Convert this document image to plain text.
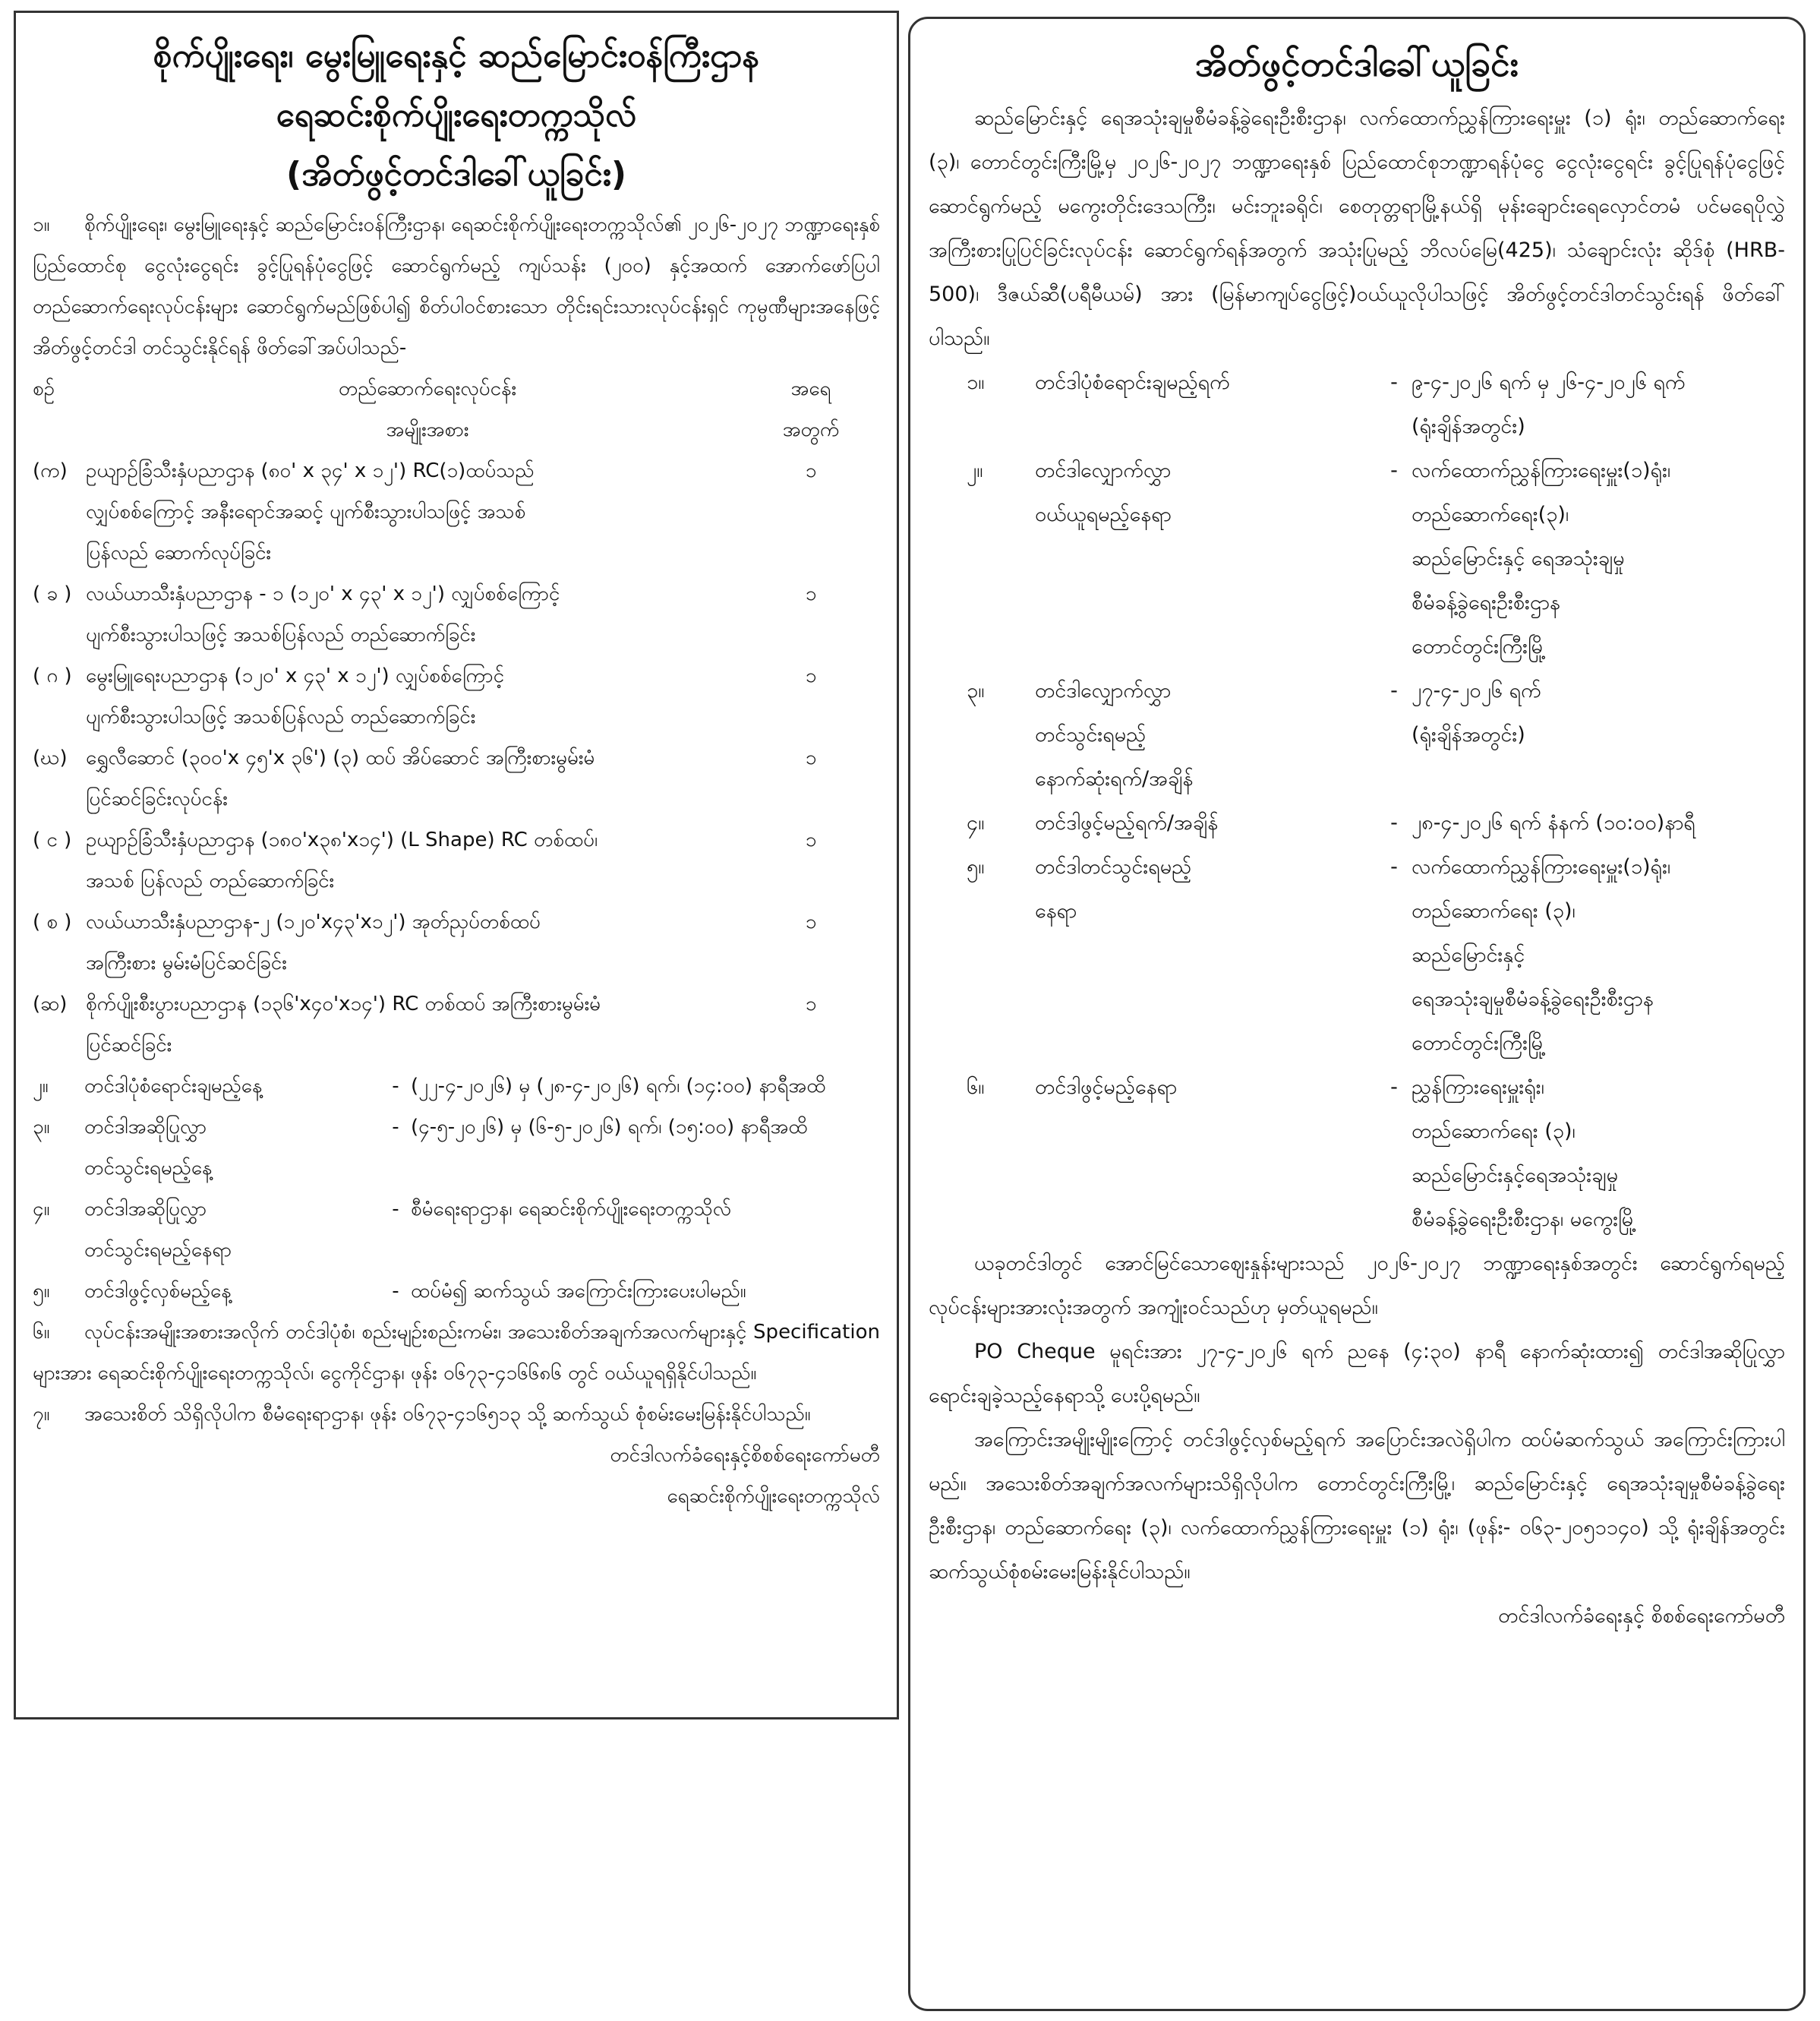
စိုက်ပျိုးရေး၊ မွေးမြူရေးနှင့် ဆည်မြောင်းဝန်ကြီးဌာန

ရေဆင်းစိုက်ပျိုးရေးတက္ကသိုလ်

(အိတ်ဖွင့်တင်ဒါခေါ်ယူခြင်း)

၁။ စိုက်ပျိုးရေး၊ မွေးမြူရေးနှင့် ဆည်မြောင်းဝန်ကြီးဌာန၊ ရေဆင်းစိုက်ပျိုးရေးတက္ကသိုလ်၏ ၂၀၂၆-၂၀၂၇ ဘဏ္ဍာရေးနှစ် ပြည်ထောင်စု ငွေလုံးငွေရင်း ခွင့်ပြုရန်ပုံငွေဖြင့် ဆောင်ရွက်မည့် ကျပ်သန်း (၂၀၀) နှင့်အထက် အောက်ဖော်ပြပါ တည်ဆောက်ရေးလုပ်ငန်းများ ဆောင်ရွက်မည်ဖြစ်ပါ၍ စိတ်ပါဝင်စားသော တိုင်းရင်းသားလုပ်ငန်းရှင် ကုမ္ပဏီများအနေဖြင့် အိတ်ဖွင့်တင်ဒါ တင်သွင်းနိုင်ရန် ဖိတ်ခေါ်အပ်ပါသည်-

စဉ်	တည်ဆောက်ရေးလုပ်ငန်း
အမျိုးအစား
အရေ
အတွက်
(က) ဥယျာဉ်ခြံသီးနှံပညာဌာန (၈၀' x ၃၄' x ၁၂') RC(၁)ထပ်သည်
လျှပ်စစ်ကြောင့် အနီးရောင်အဆင့် ပျက်စီးသွားပါသဖြင့် အသစ်
ပြန်လည် ဆောက်လုပ်ခြင်း
၁
( ခ ) လယ်ယာသီးနှံပညာဌာန - ၁ (၁၂၀' x ၄၃' x ၁၂') လျှပ်စစ်ကြောင့်
ပျက်စီးသွားပါသဖြင့် အသစ်ပြန်လည် တည်ဆောက်ခြင်း
၁
( ဂ ) မွေးမြူရေးပညာဌာန (၁၂၀' x ၄၃' x ၁၂') လျှပ်စစ်ကြောင့်
ပျက်စီးသွားပါသဖြင့် အသစ်ပြန်လည် တည်ဆောက်ခြင်း
၁
(ဃ) ရွှေလီဆောင် (၃၀၀'x ၄၅'x ၃၆') (၃) ထပ် အိပ်ဆောင် အကြီးစားမွမ်းမံ
ပြင်ဆင်ခြင်းလုပ်ငန်း
၁
( င ) ဥယျာဉ်ခြံသီးနှံပညာဌာန (၁၈၀'x၃၈'x၁၄') (L Shape) RC တစ်ထပ်၊
အသစ် ပြန်လည် တည်ဆောက်ခြင်း
၁
( စ ) လယ်ယာသီးနှံပညာဌာန-၂ (၁၂၀'x၄၃'x၁၂') အုတ်ညှပ်တစ်ထပ်
အကြီးစား မွမ်းမံပြင်ဆင်ခြင်း
၁
(ဆ) စိုက်ပျိုးစီးပွားပညာဌာန (၁၃၆'x၄၀'x၁၄') RC တစ်ထပ် အကြီးစားမွမ်းမံ
ပြင်ဆင်ခြင်း
၁
၂။	တင်ဒါပုံစံရောင်းချမည့်နေ့	- (၂၂-၄-၂၀၂၆) မှ (၂၈-၄-၂၀၂၆) ရက်၊ (၁၄:၀၀) နာရီအထိ
၃။	တင်ဒါအဆိုပြုလွှာ
တင်သွင်းရမည့်နေ့
- (၄-၅-၂၀၂၆) မှ (၆-၅-၂၀၂၆) ရက်၊ (၁၅:၀၀) နာရီအထိ
၄။	တင်ဒါအဆိုပြုလွှာ
တင်သွင်းရမည့်နေရာ
- စီမံရေးရာဌာန၊ ရေဆင်းစိုက်ပျိုးရေးတက္ကသိုလ်
၅။	တင်ဒါဖွင့်လှစ်မည့်နေ့	- ထပ်မံ၍ ဆက်သွယ် အကြောင်းကြားပေးပါမည်။

၆။ လုပ်ငန်းအမျိုးအစားအလိုက် တင်ဒါပုံစံ၊ စည်းမျဉ်းစည်းကမ်း၊ အသေးစိတ်အချက်အလက်များနှင့် Specification များအား ရေဆင်းစိုက်ပျိုးရေးတက္ကသိုလ်၊ ငွေကိုင်ဌာန၊ ဖုန်း ၀၆၇၃-၄၁၆၆၈၆ တွင် ဝယ်ယူရရှိနိုင်ပါသည်။

၇။ အသေးစိတ် သိရှိလိုပါက စီမံရေးရာဌာန၊ ဖုန်း ၀၆၇၃-၄၁၆၅၁၃ သို့ ဆက်သွယ် စုံစမ်းမေးမြန်းနိုင်ပါသည်။

တင်ဒါလက်ခံရေးနှင့်စိစစ်ရေးကော်မတီ

ရေဆင်းစိုက်ပျိုးရေးတက္ကသိုလ်

အိတ်ဖွင့်တင်ဒါခေါ်ယူခြင်း

ဆည်မြောင်းနှင့် ရေအသုံးချမှုစီမံခန့်ခွဲရေးဦးစီးဌာန၊ လက်ထောက်ညွှန်ကြားရေးမှူး (၁) ရုံး၊ တည်ဆောက်ရေး (၃)၊ တောင်တွင်းကြီးမြို့မှ ၂၀၂၆-၂၀၂၇ ဘဏ္ဍာရေးနှစ် ပြည်ထောင်စုဘဏ္ဍာရန်ပုံငွေ ငွေလုံးငွေရင်း ခွင့်ပြုရန်ပုံငွေဖြင့်ဆောင်ရွက်မည့် မကွေးတိုင်းဒေသကြီး၊ မင်းဘူးခရိုင်၊ စေတုတ္တရာမြို့နယ်ရှိ မုန်းချောင်းရေလှောင်တမံ ပင်မရေပိုလွှဲ အကြီးစားပြုပြင်ခြင်းလုပ်ငန်း ဆောင်ရွက်ရန်အတွက် အသုံးပြုမည့် ဘိလပ်မြေ(425)၊ သံချောင်းလုံး ဆိုဒ်စုံ (HRB-500)၊ ဒီဇယ်ဆီ(ပရီမီယမ်) အား (မြန်မာကျပ်ငွေဖြင့်)ဝယ်ယူလိုပါသဖြင့် အိတ်ဖွင့်တင်ဒါတင်သွင်းရန် ဖိတ်ခေါ်ပါသည်။

၁။	တင်ဒါပုံစံရောင်းချမည့်ရက်	- ၉-၄-၂၀၂၆ ရက် မှ ၂၆-၄-၂၀၂၆ ရက်
(ရုံးချိန်အတွင်း)
၂။	တင်ဒါလျှောက်လွှာ
ဝယ်ယူရမည့်နေရာ
- လက်ထောက်ညွှန်ကြားရေးမှူး(၁)ရုံး၊
တည်ဆောက်ရေး(၃)၊
ဆည်မြောင်းနှင့် ရေအသုံးချမှု
စီမံခန့်ခွဲရေးဦးစီးဌာန
တောင်တွင်းကြီးမြို့
၃။	တင်ဒါလျှောက်လွှာ
တင်သွင်းရမည့်
နောက်ဆုံးရက်/အချိန်
- ၂၇-၄-၂၀၂၆ ရက်
(ရုံးချိန်အတွင်း)
၄။	တင်ဒါဖွင့်မည့်ရက်/အချိန်	- ၂၈-၄-၂၀၂၆ ရက် နံနက် (၁၀:၀၀)နာရီ
၅။	တင်ဒါတင်သွင်းရမည့်
နေရာ
- လက်ထောက်ညွှန်ကြားရေးမှူး(၁)ရုံး၊
တည်ဆောက်ရေး (၃)၊
ဆည်မြောင်းနှင့်
ရေအသုံးချမှုစီမံခန့်ခွဲရေးဦးစီးဌာန
တောင်တွင်းကြီးမြို့
၆။	တင်ဒါဖွင့်မည့်နေရာ	- ညွှန်ကြားရေးမှူးရုံး၊
တည်ဆောက်ရေး (၃)၊
ဆည်မြောင်းနှင့်ရေအသုံးချမှု
စီမံခန့်ခွဲရေးဦးစီးဌာန၊ မကွေးမြို့

ယခုတင်ဒါတွင် အောင်မြင်သောဈေးနှုန်းများသည် ၂၀၂၆-၂၀၂၇ ဘဏ္ဍာရေးနှစ်အတွင်း ဆောင်ရွက်ရမည့် လုပ်ငန်းများအားလုံးအတွက် အကျုံးဝင်သည်ဟု မှတ်ယူရမည်။

PO Cheque မူရင်းအား ၂၇-၄-၂၀၂၆ ရက် ညနေ (၄:၃၀) နာရီ နောက်ဆုံးထား၍ တင်ဒါအဆိုပြုလွှာ ရောင်းချခဲ့သည့်နေရာသို့ ပေးပို့ရမည်။

အကြောင်းအမျိုးမျိုးကြောင့် တင်ဒါဖွင့်လှစ်မည့်ရက် အပြောင်းအလဲရှိပါက ထပ်မံဆက်သွယ် အကြောင်းကြားပါမည်။ အသေးစိတ်အချက်အလက်များသိရှိလိုပါက တောင်တွင်းကြီးမြို့၊ ဆည်မြောင်းနှင့် ရေအသုံးချမှုစီမံခန့်ခွဲရေးဦးစီးဌာန၊ တည်ဆောက်ရေး (၃)၊ လက်ထောက်ညွှန်ကြားရေးမှူး (၁) ရုံး၊ (ဖုန်း- ၀၆၃-၂၀၅၁၁၄၀) သို့ ရုံးချိန်အတွင်း ဆက်သွယ်စုံစမ်းမေးမြန်းနိုင်ပါသည်။

တင်ဒါလက်ခံရေးနှင့် စိစစ်ရေးကော်မတီ
